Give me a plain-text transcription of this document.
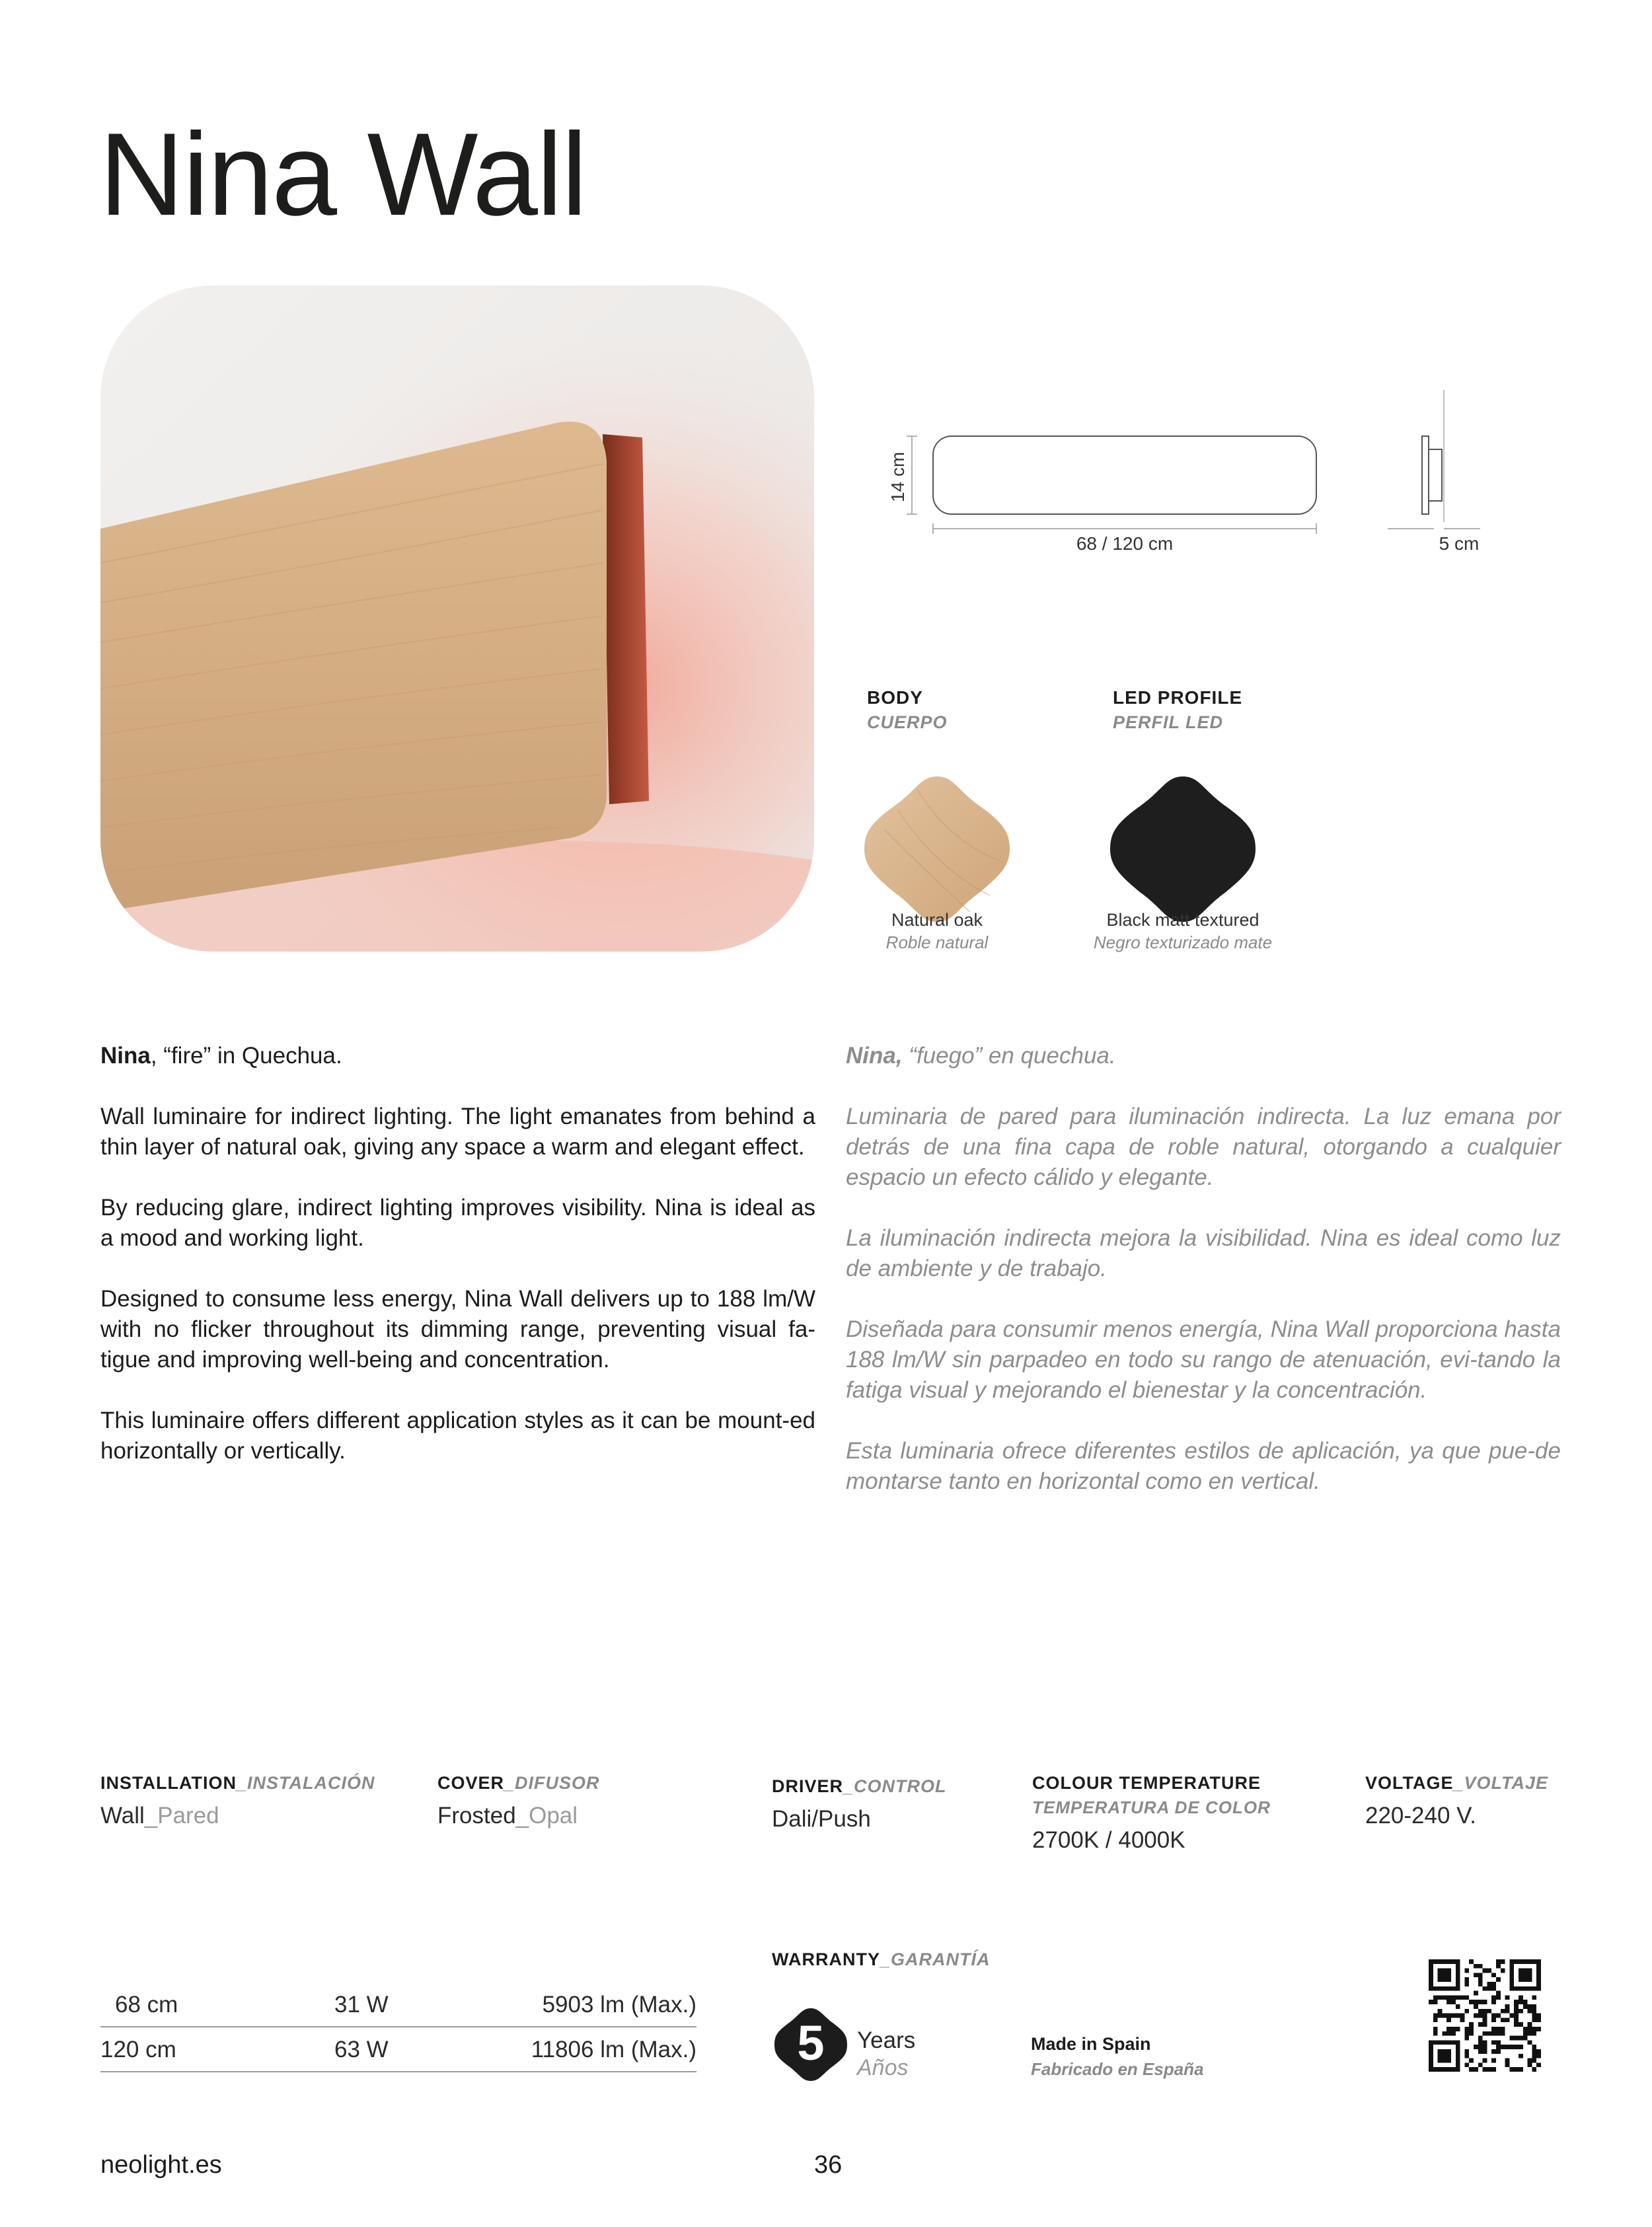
Nina Wall
14 cm
68 / 120 cm	5 cm
BODY
CUERPO
Natural oak
Roble natural
LED PROFILE
PERFIL LED
Black matt textured
Negro texturizado mate

Nina, “fire” in Quechua.

Wall luminaire for indirect lighting. The light emanates from behind a thin layer of natural oak, giving any space a warm and elegant effect.

By reducing glare, indirect lighting improves visibility. Nina is ideal as a mood and working light.

Designed to consume less energy, Nina Wall delivers up to 188 lm/W with no flicker throughout its dimming range, preventing visual fa-tigue and improving well-being and concentration.

This luminaire offers different application styles as it can be mount-ed horizontally or vertically.

Nina, “fuego” en quechua.

Luminaria de pared para iluminación indirecta. La luz emana por detrás de una fina capa de roble natural, otorgando a cualquier espacio un efecto cálido y elegante.

La iluminación indirecta mejora la visibilidad. Nina es ideal como luz de ambiente y de trabajo.

Diseñada para consumir menos energía, Nina Wall proporciona hasta 188 lm/W sin parpadeo en todo su rango de atenuación, evi-tando la fatiga visual y mejorando el bienestar y la concentración.

Esta luminaria ofrece diferentes estilos de aplicación, ya que pue-de montarse tanto en horizontal como en vertical.

INSTALLATION_INSTALACIÓN
Wall_Pared
COVER_DIFUSOR
Frosted_Opal
DRIVER_CONTROL
Dali/Push
COLOUR TEMPERATURE
TEMPERATURA DE COLOR
2700K / 4000K
VOLTAGE_VOLTAJE
220-240 V.
68 cm	31 W	5903 lm (Max.)
120 cm	63 W	11806 lm (Max.)
WARRANTY_GARANTÍA
5 Years
Años
Made in Spain
Fabricado en España
neolight.es	36
